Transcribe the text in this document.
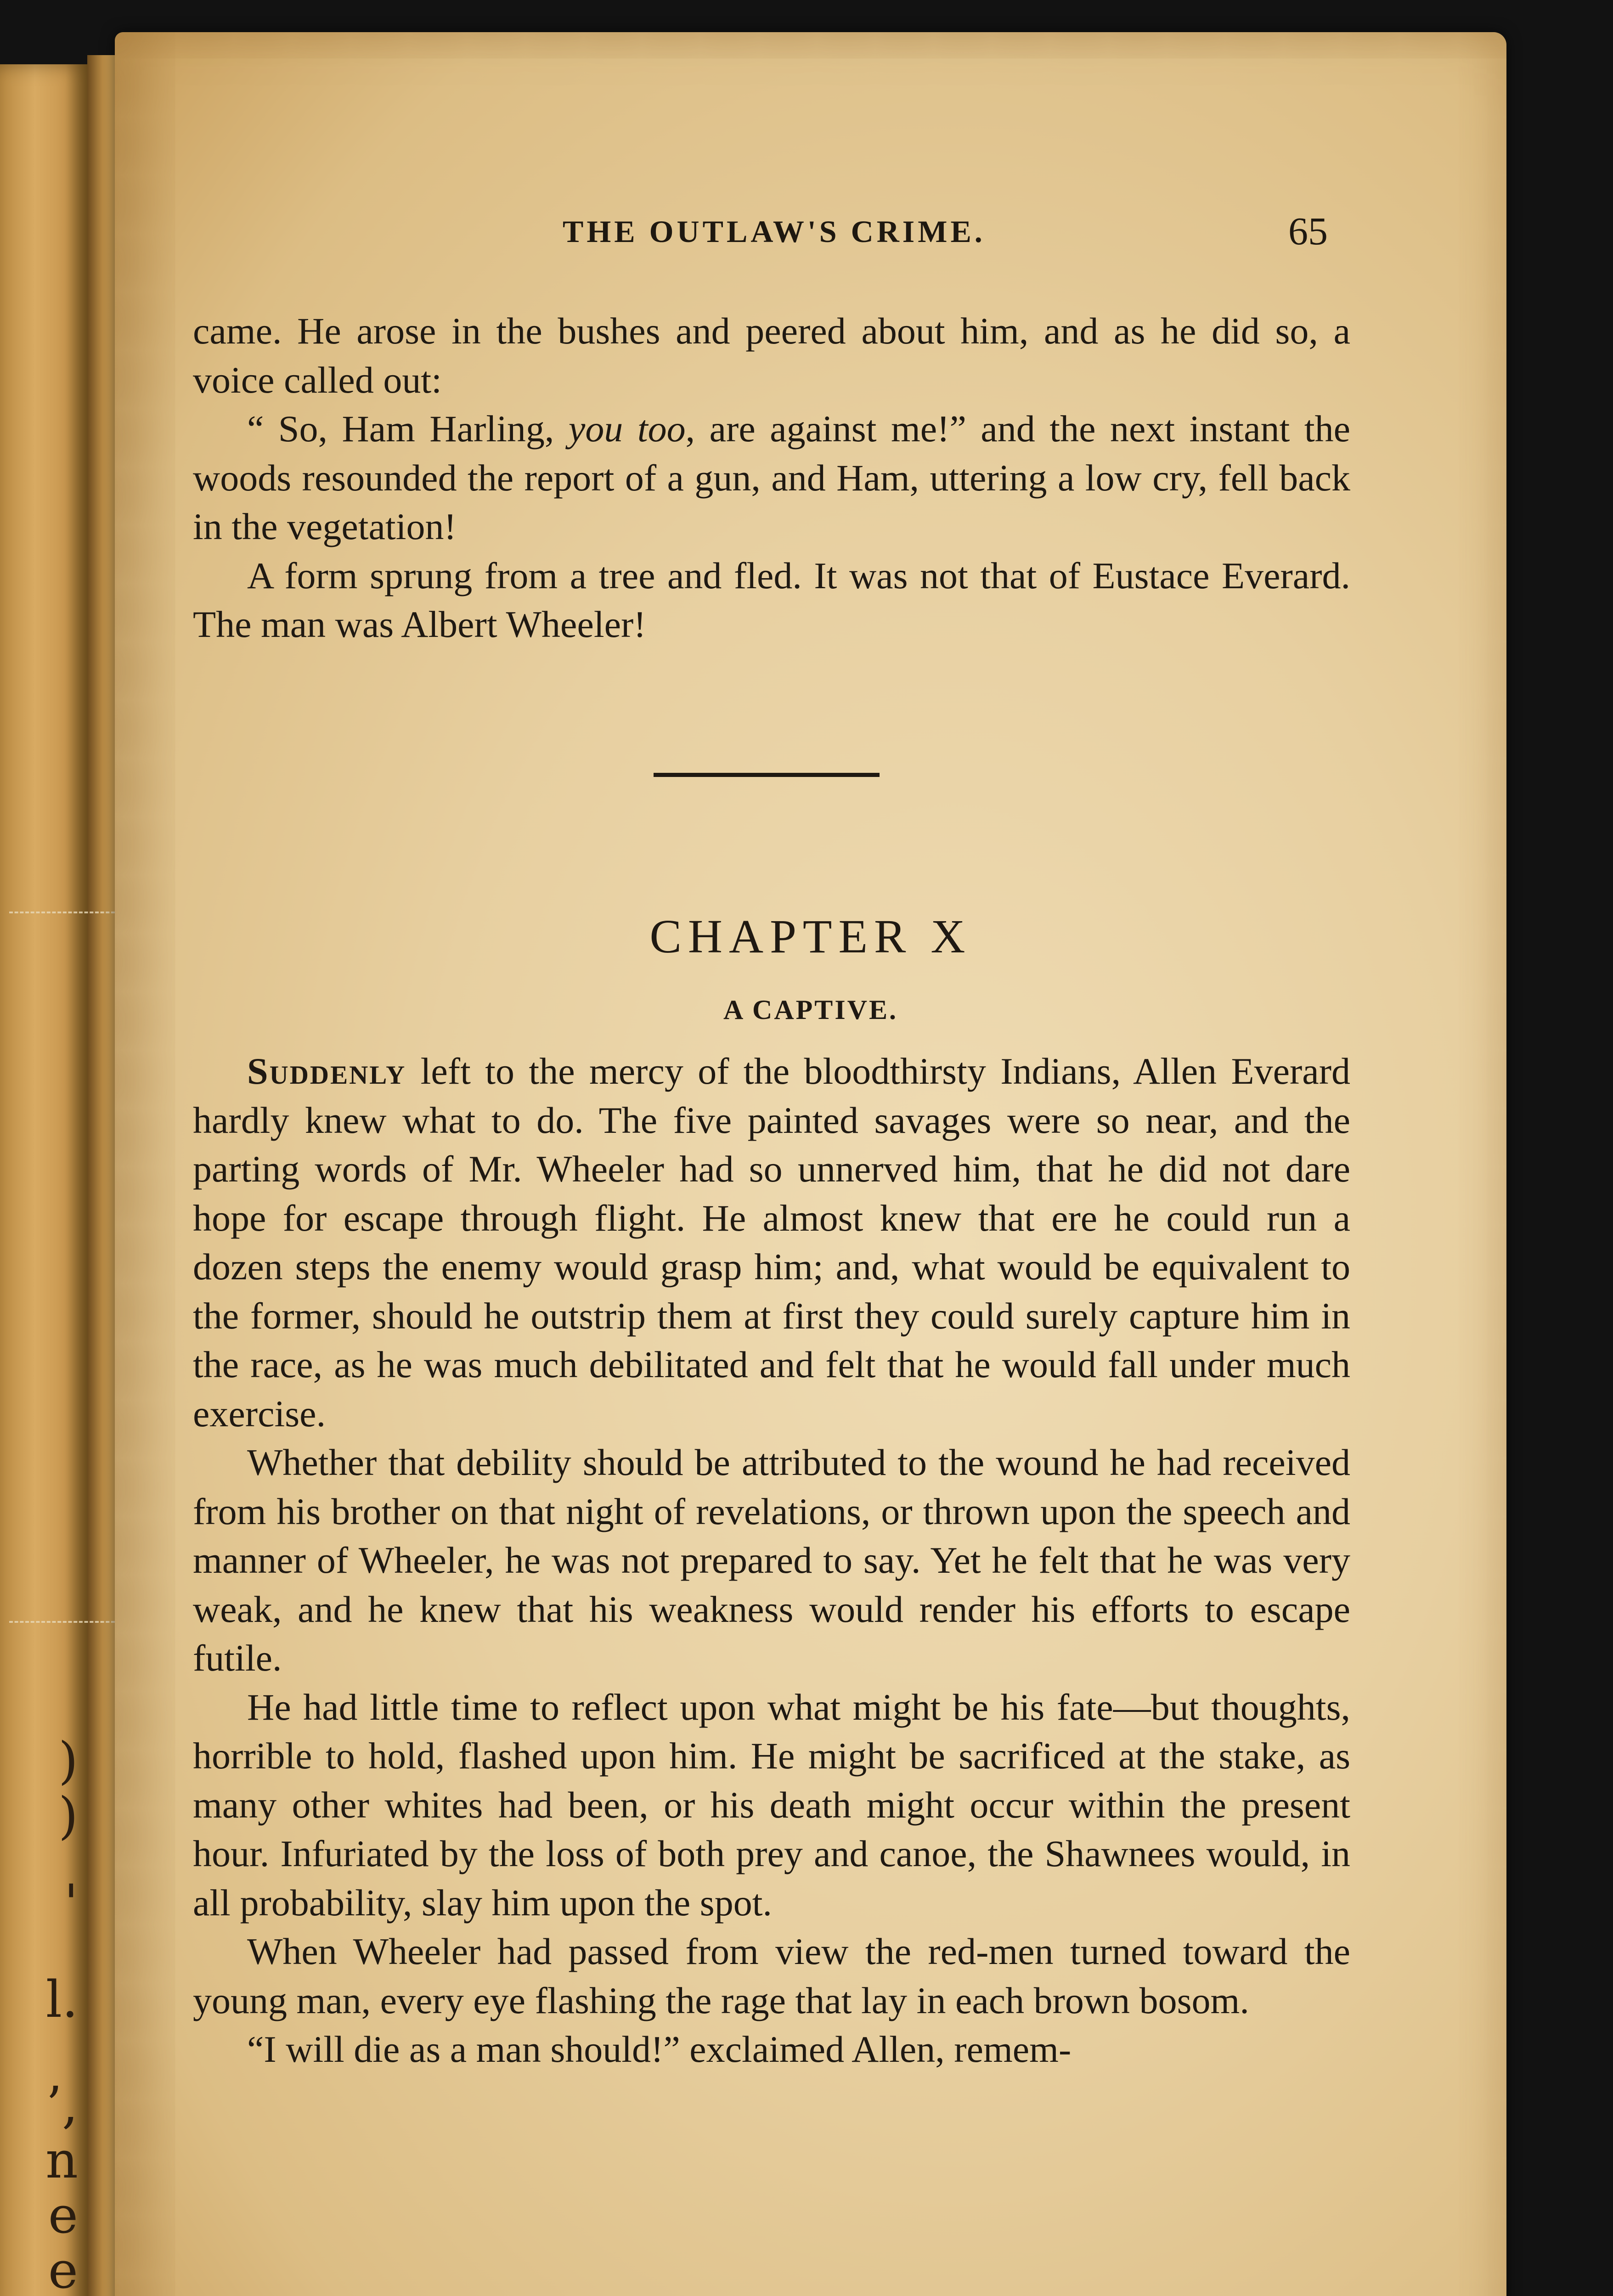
)
)
'
l.
’,
n
e
e
THE OUTLAW'S CRIME.	65

came. He arose in the bushes and peered about him, and as he did so, a voice called out:

“ So, Ham Harling, you too, are against me!” and the next instant the woods resounded the report of a gun, and Ham, uttering a low cry, fell back in the vegetation!

A form sprung from a tree and fled. It was not that of Eustace Everard. The man was Albert Wheeler!

CHAPTER X
A CAPTIVE.

Suddenly left to the mercy of the bloodthirsty Indians, Allen Everard hardly knew what to do. The five painted savages were so near, and the parting words of Mr. Wheeler had so unnerved him, that he did not dare hope for escape through flight. He almost knew that ere he could run a dozen steps the enemy would grasp him; and, what would be equivalent to the former, should he outstrip them at first they could surely capture him in the race, as he was much debilitated and felt that he would fall under much exercise.

Whether that debility should be attributed to the wound he had received from his brother on that night of revelations, or thrown upon the speech and manner of Wheeler, he was not prepared to say. Yet he felt that he was very weak, and he knew that his weakness would render his efforts to escape futile.

He had little time to reflect upon what might be his fate—but thoughts, horrible to hold, flashed upon him. He might be sacrificed at the stake, as many other whites had been, or his death might occur within the present hour. Infuriated by the loss of both prey and canoe, the Shawnees would, in all probability, slay him upon the spot.

When Wheeler had passed from view the red-men turned toward the young man, every eye flashing the rage that lay in each brown bosom.

“I will die as a man should!” exclaimed Allen, remem-
